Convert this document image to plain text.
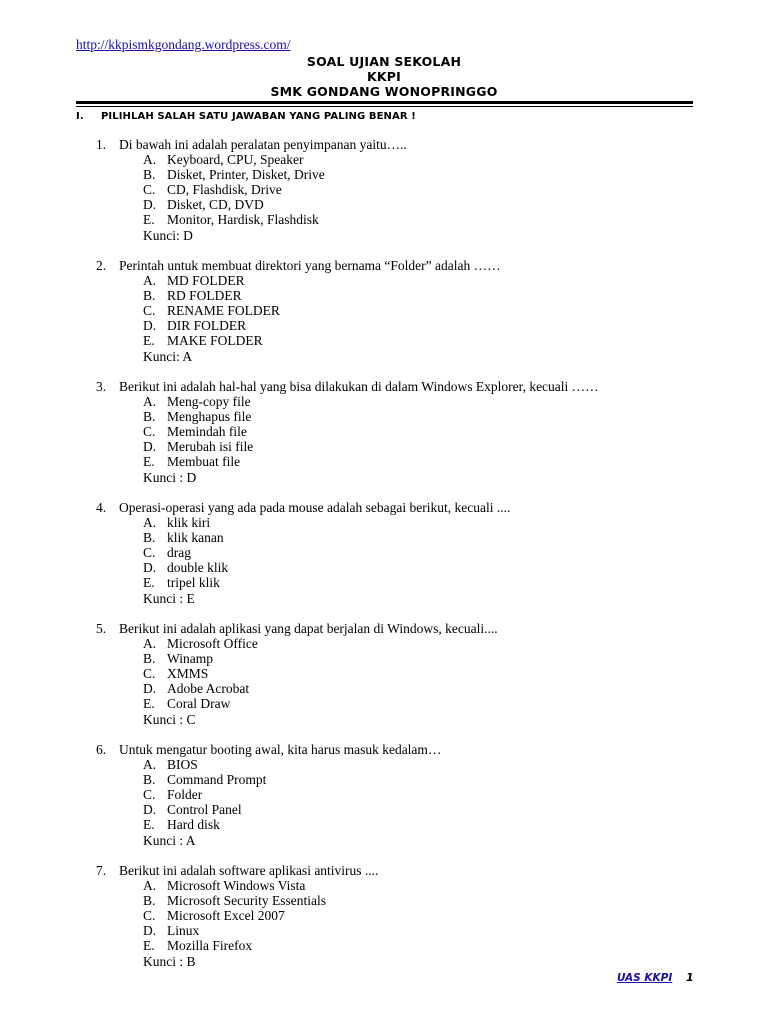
http://kkpismkgondang.wordpress.com/
SOAL UJIAN SEKOLAH
KKPI
SMK GONDANG WONOPRINGGO
I. PILIHLAH SALAH SATU JAWABAN YANG PALING BENAR !
1. Di bawah ini adalah peralatan penyimpanan yaitu…..
A. Keyboard, CPU, Speaker
B. Disket, Printer, Disket, Drive
C. CD, Flashdisk, Drive
D. Disket, CD, DVD
E. Monitor, Hardisk, Flashdisk
Kunci: D
2. Perintah untuk membuat direktori yang bernama “Folder” adalah ……
A. MD FOLDER
B. RD FOLDER
C. RENAME FOLDER
D. DIR FOLDER
E. MAKE FOLDER
Kunci: A
3. Berikut ini adalah hal-hal yang bisa dilakukan di dalam Windows Explorer, kecuali ……
A. Meng-copy file
B. Menghapus file
C. Memindah file
D. Merubah isi file
E. Membuat file
Kunci : D
4. Operasi-operasi yang ada pada mouse adalah sebagai berikut, kecuali ....
A. klik kiri
B. klik kanan
C. drag
D. double klik
E. tripel klik
Kunci : E
5. Berikut ini adalah aplikasi yang dapat berjalan di Windows, kecuali....
A. Microsoft Office
B. Winamp
C. XMMS
D. Adobe Acrobat
E. Coral Draw
Kunci : C
6. Untuk mengatur booting awal, kita harus masuk kedalam…
A. BIOS
B. Command Prompt
C. Folder
D. Control Panel
E. Hard disk
Kunci : A
7. Berikut ini adalah software aplikasi antivirus ....
A. Microsoft Windows Vista
B. Microsoft Security Essentials
C. Microsoft Excel 2007
D. Linux
E. Mozilla Firefox
Kunci : B
UAS KKPI 1
